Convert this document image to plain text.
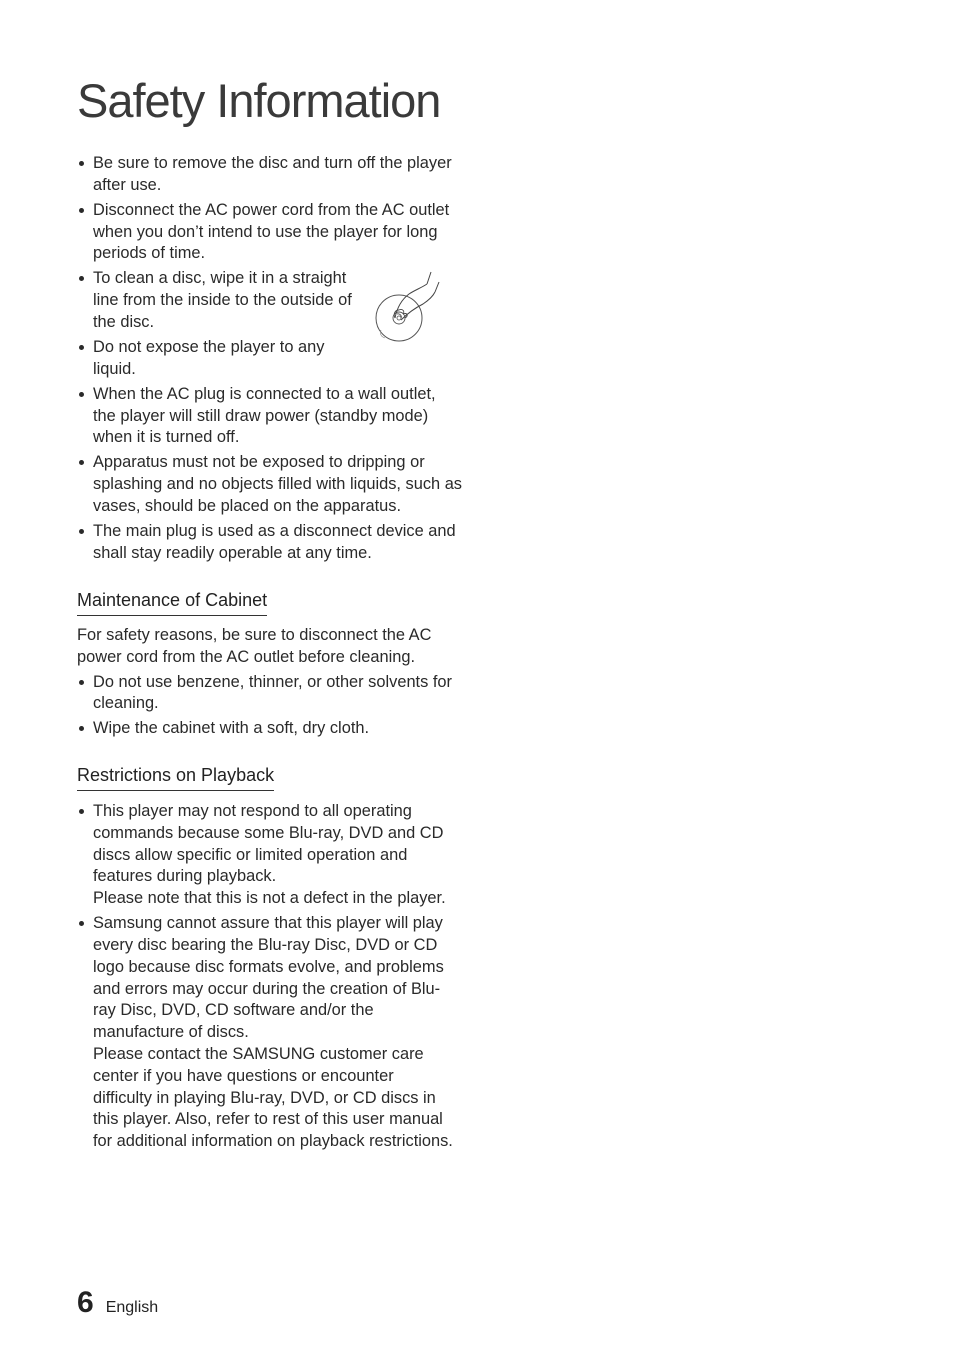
Safety Information
Be sure to remove the disc and turn off the player after use.
Disconnect the AC power cord from the AC outlet when you don’t intend to use the player for long periods of time.
To clean a disc, wipe it in a straight line from the inside to the outside of the disc.
Do not expose the player to any liquid.
When the AC plug is connected to a wall outlet, the player will still draw power (standby mode) when it is turned off.
Apparatus must not be exposed to dripping or splashing and no objects filled with liquids, such as vases, should be placed on the apparatus.
The main plug is used as a disconnect device and shall stay readily operable at any time.
Maintenance of Cabinet

For safety reasons, be sure to disconnect the AC power cord from the AC outlet before cleaning.

Do not use benzene, thinner, or other solvents for cleaning.
Wipe the cabinet with a soft, dry cloth.
Restrictions on Playback
This player may not respond to all operating commands because some Blu-ray, DVD and CD discs allow specific or limited operation and features during playback.
Please note that this is not a defect in the player.
Samsung cannot assure that this player will play every disc bearing the Blu-ray Disc, DVD or CD logo because disc formats evolve, and problems and errors may occur during the creation of Blu-ray Disc, DVD, CD software and/or the manufacture of discs.
Please contact the SAMSUNG customer care center if you have questions or encounter difficulty in playing Blu-ray, DVD, or CD discs in this player. Also, refer to rest of this user manual for additional information on playback restrictions.
6 English
